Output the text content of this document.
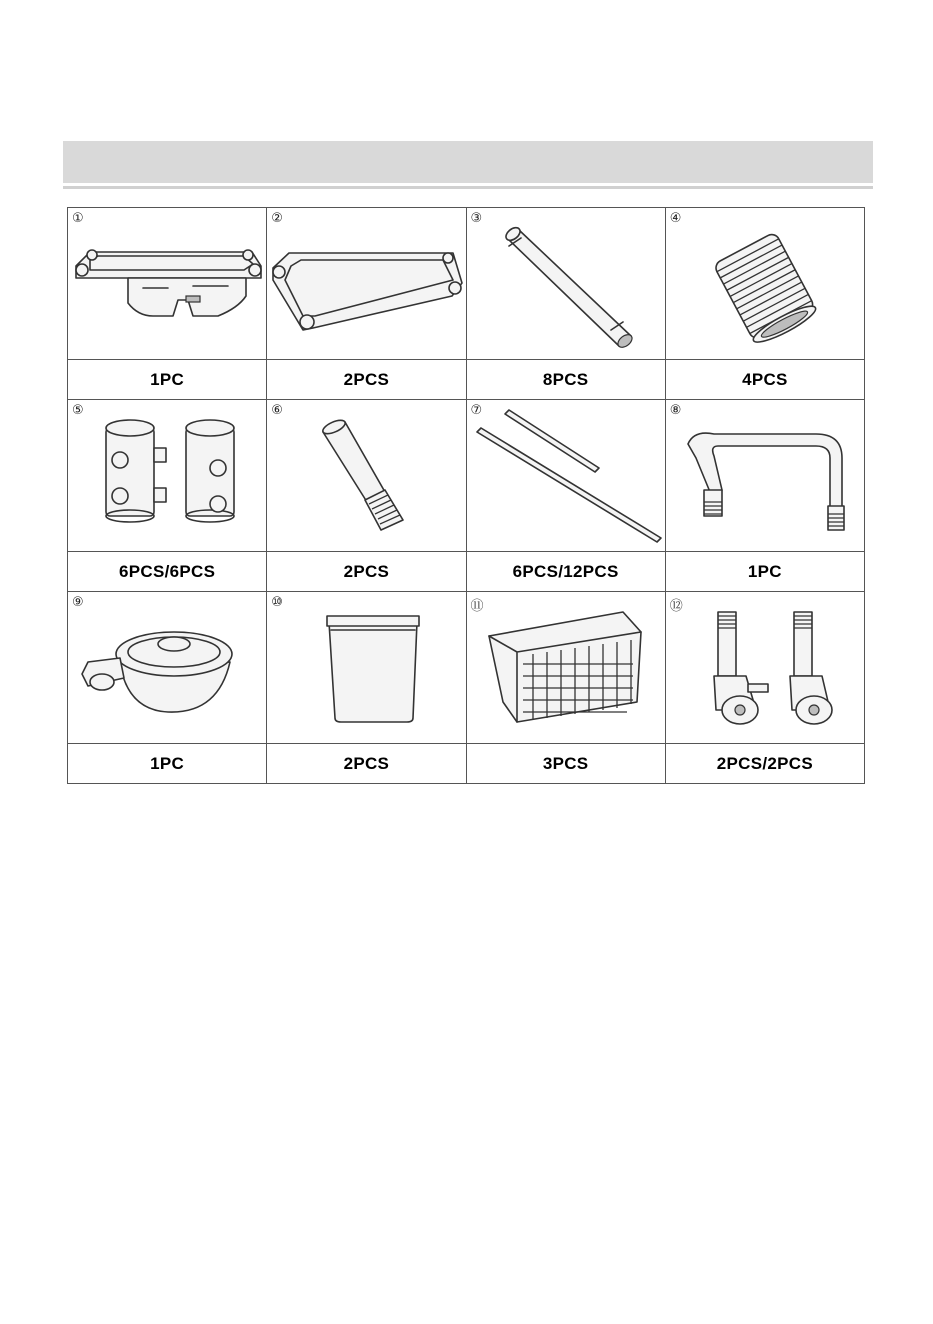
①	②	③	④

1PC	2PCS	8PCS	4PCS

⑤	⑥	⑦	⑧

6PCS/6PCS	2PCS	6PCS/12PCS	1PC

⑨	⑩	⑪	⑫

1PC	2PCS	3PCS	2PCS/2PCS
